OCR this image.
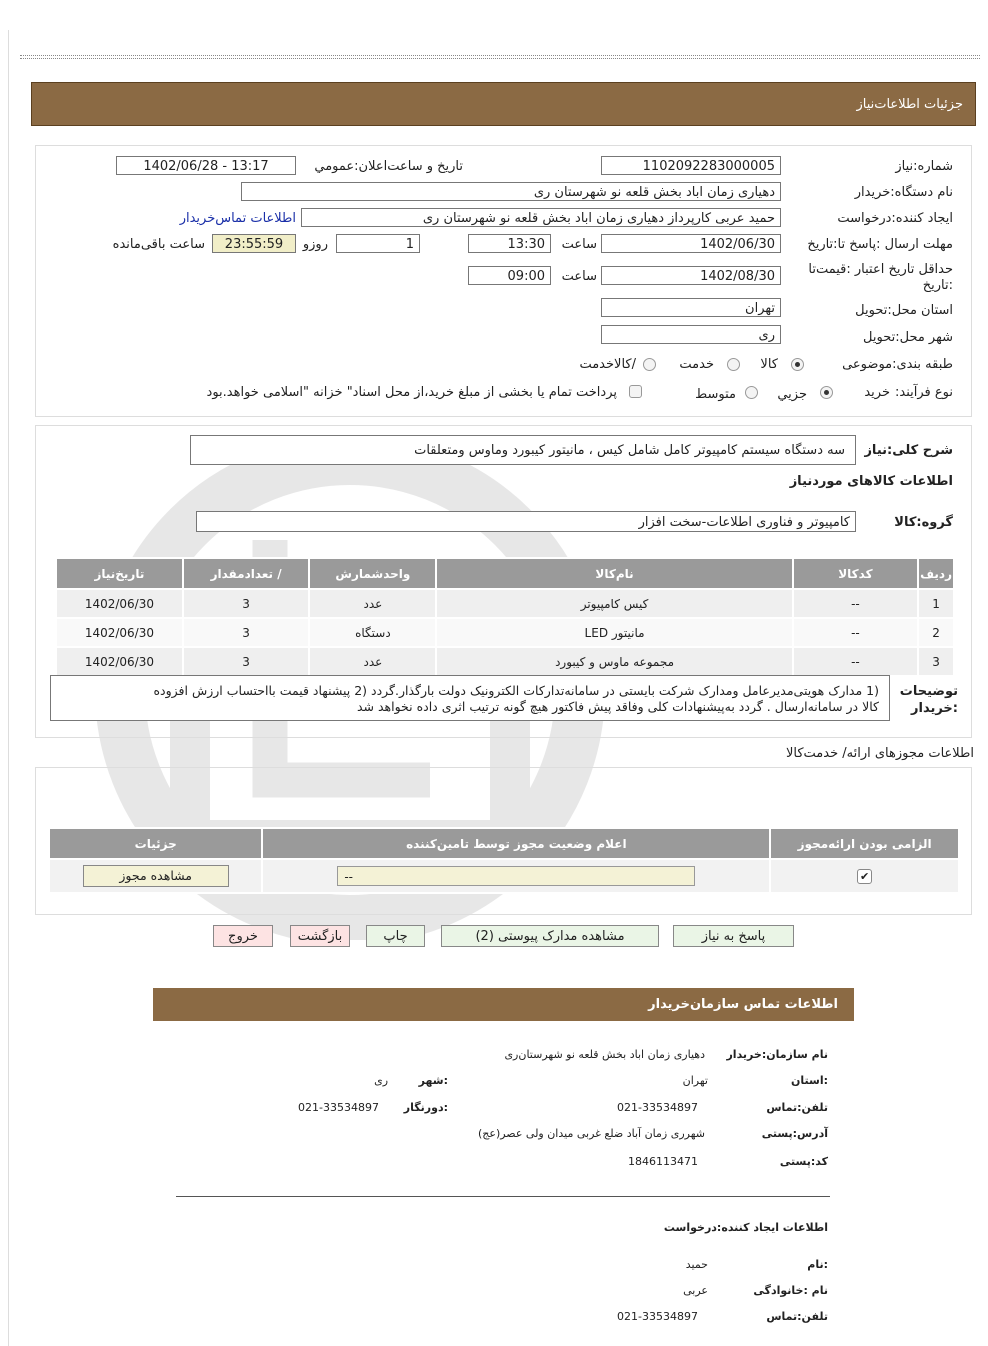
جزئیات اطلاعات‌نیاز
شماره:نیاز
1102092283000005
تاریخ و ساعت‌اعلان:عمومي
1402/06/28 - 13:17
نام دستگاه:خریدار
دهیاری زمان اباد بخش قلعه نو شهرستان ری
ایجاد کننده:درخواست
حمید عربی کارپرداز دهیاری زمان اباد بخش قلعه نو شهرستان ری
اطلاعات تماس‌خریدار
مهلت ارسال :پاسخ تا:تاریخ
1402/06/30
ساعت
13:30
1
روزو
23:55:59
ساعت باقی‌مانده
حداقل تاریخ اعتبار :قیمت‌تا
:تاریخ
1402/08/30
ساعت
09:00
استان محل:تحویل
تهران
شهر محل:تحویل
ری
طبقه بندی:موضوعی
کالا
خدمت
/کالاخدمت
نوع فرآیند:
خرید
جزیي
متوسط
پرداخت تمام یا بخشی از مبلغ خرید،از محل اسناد" خزانه "اسلامی خواهد.بود
شرح کلی:نیاز
سه دستگاه سیستم کامپیوتر کامل شامل کیس ، مانیتور کیبورد وماوس ومتعلقات
اطلاعات کالاهای موردنیاز
گروه:کالا
کامپیوتر و فناوری اطلاعات-سخت افزار
ردیف	کدکالا	نام‌کالا	واحدشمارش	/ تعدادمقدار	تاریخ‌نیاز
1	--	کیس کامپیوتر	عدد	3	1402/06/30
2	--	مانیتور LED	دستگاه	3	1402/06/30
3	--	مجموعه ماوس و کیبورد	عدد	3	1402/06/30
توضیحات
:خریدار
(1 مدارک هویتی‌مدیرعامل ومدارک شرکت بایستی در سامانه‌تدارکات الکترونیک دولت بارگذار.گردد (2 پیشنهاد قیمت بااحتساب ارزش افزوده
کالا در سامانه‌ارسال . گردد به‌پیشنهادات کلی وفاقد پیش فاکتور هیچ گونه ترتیب اثری داده نخواهد شد
اطلاعات مجوزهای ارائه/ خدمت‌کالا
الزامی بودن ارائه‌مجوز	اعلام وضعیت مجوز توسط تامین‌کننده	جزئیات
✔	--	مشاهده مجوز
پاسخ به نیاز
مشاهده مدارک پیوستی (2)
چاپ
بازگشت
خروج
اطلاعات تماس سازمان‌خریدار
نام سازمان:خریدار
دهیاری زمان اباد بخش قلعه نو شهرستان‌ری
:استان
تهران
:شهر
ری
تلفن:تماس
021-33534897
:دورنگار
021-33534897
آدرس:پستی
شهرری زمان آباد ضلع غربی میدان ولی عصر(عج)
کد:پستی
1846113471
اطلاعات ایجاد کننده:درخواست
:نام
حمید
نام :خانوادگی
عربی
تلفن:تماس
021-33534897
